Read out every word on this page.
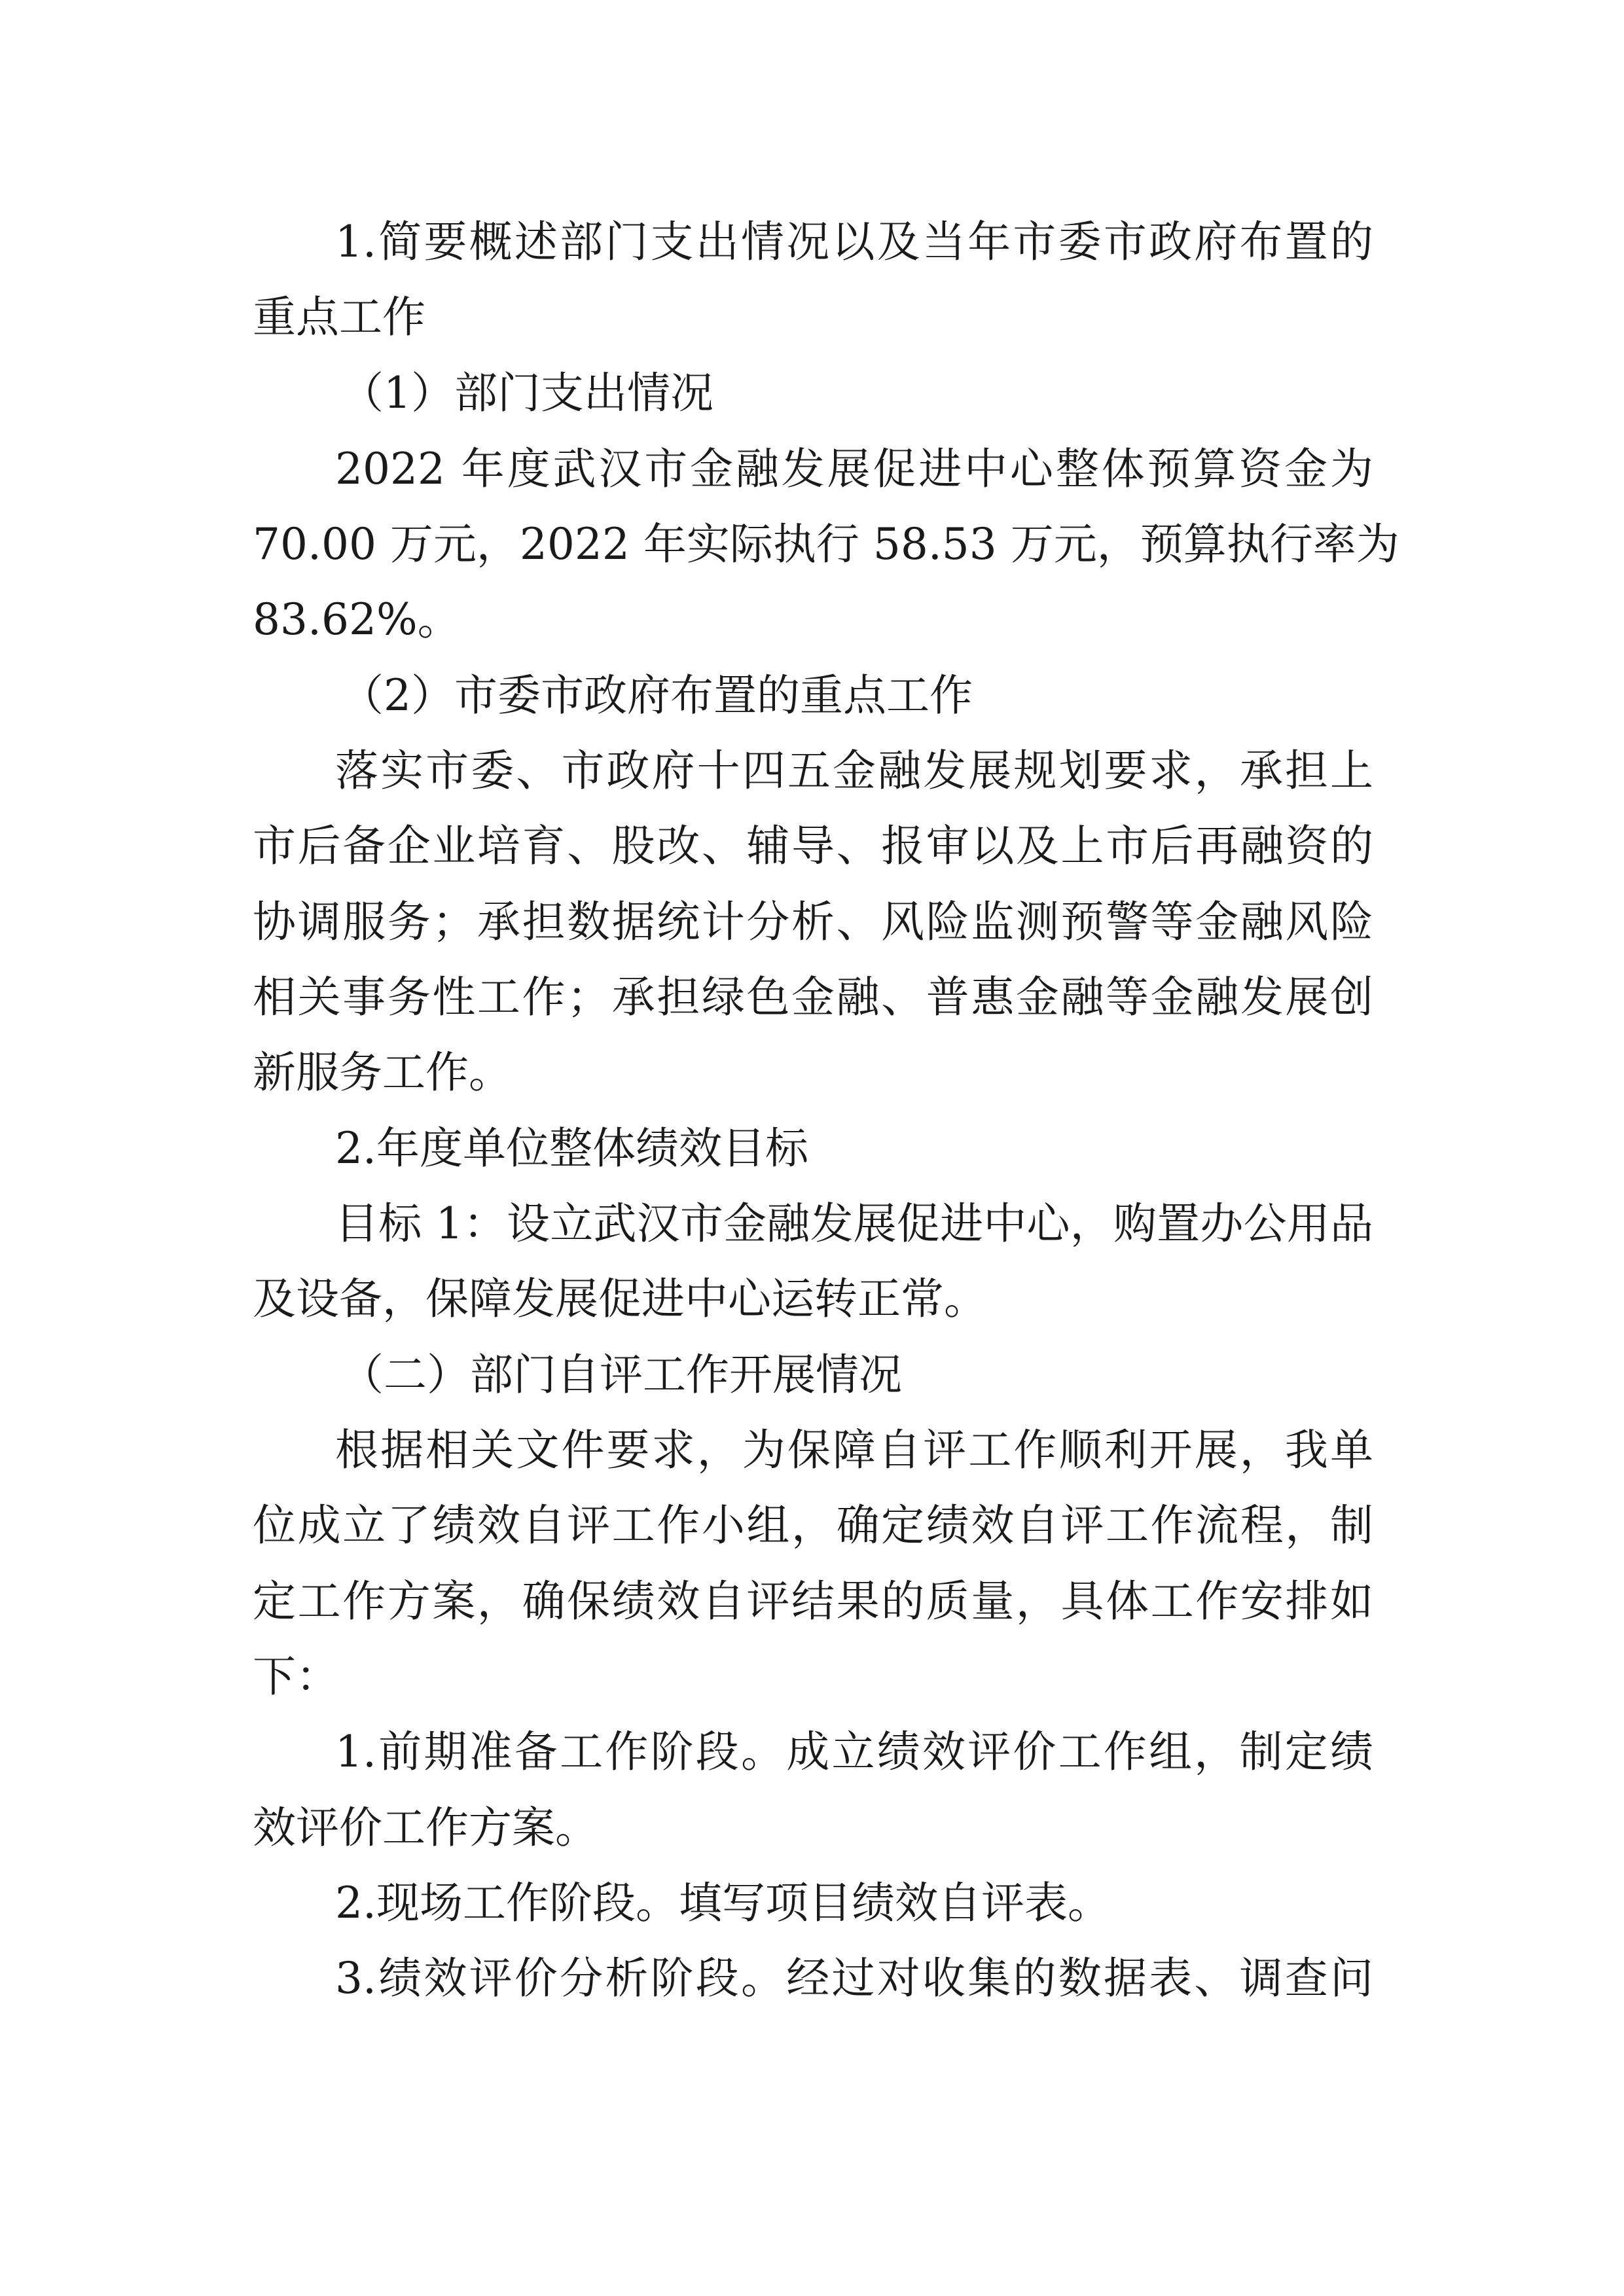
1.简要概述部门支出情况以及当年市委市政府布置的
重点工作
（1）部门支出情况
2022 年度武汉市金融发展促进中心整体预算资金为
70.00 万元，2022 年实际执行 58.53 万元，预算执行率为
83.62%。
（2）市委市政府布置的重点工作
落实市委、市政府十四五金融发展规划要求，承担上
市后备企业培育、股改、辅导、报审以及上市后再融资的
协调服务；承担数据统计分析、风险监测预警等金融风险
相关事务性工作；承担绿色金融、普惠金融等金融发展创
新服务工作。
2.年度单位整体绩效目标
目标 1：设立武汉市金融发展促进中心，购置办公用品
及设备，保障发展促进中心运转正常。
（二）部门自评工作开展情况
根据相关文件要求，为保障自评工作顺利开展，我单
位成立了绩效自评工作小组，确定绩效自评工作流程，制
定工作方案，确保绩效自评结果的质量，具体工作安排如
下：
1.前期准备工作阶段。成立绩效评价工作组，制定绩
效评价工作方案。
2.现场工作阶段。填写项目绩效自评表。
3.绩效评价分析阶段。经过对收集的数据表、调查问
